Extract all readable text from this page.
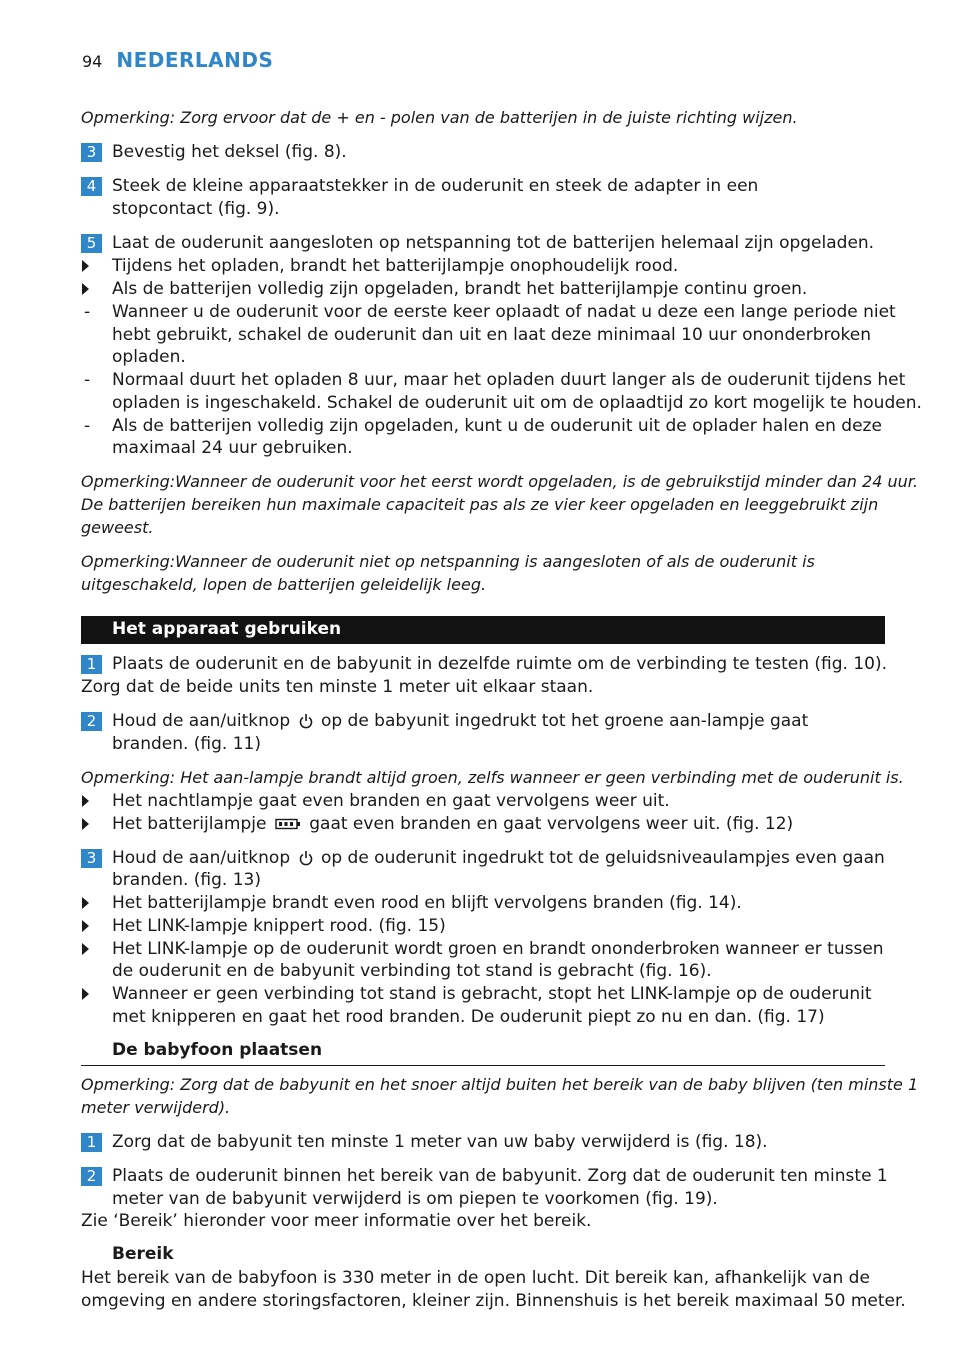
94 NEDERLANDS
Opmerking: Zorg ervoor dat de + en - polen van de batterijen in de juiste richting wijzen.
3 Bevestig het deksel (fig. 8).
4 Steek de kleine apparaatstekker in de ouderunit en steek de adapter in een
stopcontact (fig. 9).
5 Laat de ouderunit aangesloten op netspanning tot de batterijen helemaal zijn opgeladen.
Tijdens het opladen, brandt het batterijlampje onophoudelijk rood.
Als de batterijen volledig zijn opgeladen, brandt het batterijlampje continu groen.
- Wanneer u de ouderunit voor de eerste keer oplaadt of nadat u deze een lange periode niet
hebt gebruikt, schakel de ouderunit dan uit en laat deze minimaal 10 uur ononderbroken
opladen.
- Normaal duurt het opladen 8 uur, maar het opladen duurt langer als de ouderunit tijdens het
opladen is ingeschakeld. Schakel de ouderunit uit om de oplaadtijd zo kort mogelijk te houden.
- Als de batterijen volledig zijn opgeladen, kunt u de ouderunit uit de oplader halen en deze
maximaal 24 uur gebruiken.
Opmerking:Wanneer de ouderunit voor het eerst wordt opgeladen, is de gebruikstijd minder dan 24 uur.
De batterijen bereiken hun maximale capaciteit pas als ze vier keer opgeladen en leeggebruikt zijn
geweest.
Opmerking:Wanneer de ouderunit niet op netspanning is aangesloten of als de ouderunit is
uitgeschakeld, lopen de batterijen geleidelijk leeg.
Het apparaat gebruiken
1 Plaats de ouderunit en de babyunit in dezelfde ruimte om de verbinding te testen (fig. 10).
Zorg dat de beide units ten minste 1 meter uit elkaar staan.
2 Houd de aan/uitknop op de babyunit ingedrukt tot het groene aan-lampje gaat
branden. (fig. 11)
Opmerking: Het aan-lampje brandt altijd groen, zelfs wanneer er geen verbinding met de ouderunit is.
Het nachtlampje gaat even branden en gaat vervolgens weer uit.
Het batterijlampje	gaat even branden en gaat vervolgens weer uit. (fig. 12)
3 Houd de aan/uitknop op de ouderunit ingedrukt tot de geluidsniveaulampjes even gaan
branden. (fig. 13)
Het batterijlampje brandt even rood en blijft vervolgens branden (fig. 14).
Het LINK-lampje knippert rood. (fig. 15)
Het LINK-lampje op de ouderunit wordt groen en brandt ononderbroken wanneer er tussen
de ouderunit en de babyunit verbinding tot stand is gebracht (fig. 16).
Wanneer er geen verbinding tot stand is gebracht, stopt het LINK-lampje op de ouderunit
met knipperen en gaat het rood branden. De ouderunit piept zo nu en dan. (fig. 17)
De babyfoon plaatsen
Opmerking: Zorg dat de babyunit en het snoer altijd buiten het bereik van de baby blijven (ten minste 1
meter verwijderd).
1 Zorg dat de babyunit ten minste 1 meter van uw baby verwijderd is (fig. 18).
2 Plaats de ouderunit binnen het bereik van de babyunit. Zorg dat de ouderunit ten minste 1
meter van de babyunit verwijderd is om piepen te voorkomen (fig. 19).
Zie ‘Bereik’ hieronder voor meer informatie over het bereik.
Bereik
Het bereik van de babyfoon is 330 meter in de open lucht. Dit bereik kan, afhankelijk van de
omgeving en andere storingsfactoren, kleiner zijn. Binnenshuis is het bereik maximaal 50 meter.
